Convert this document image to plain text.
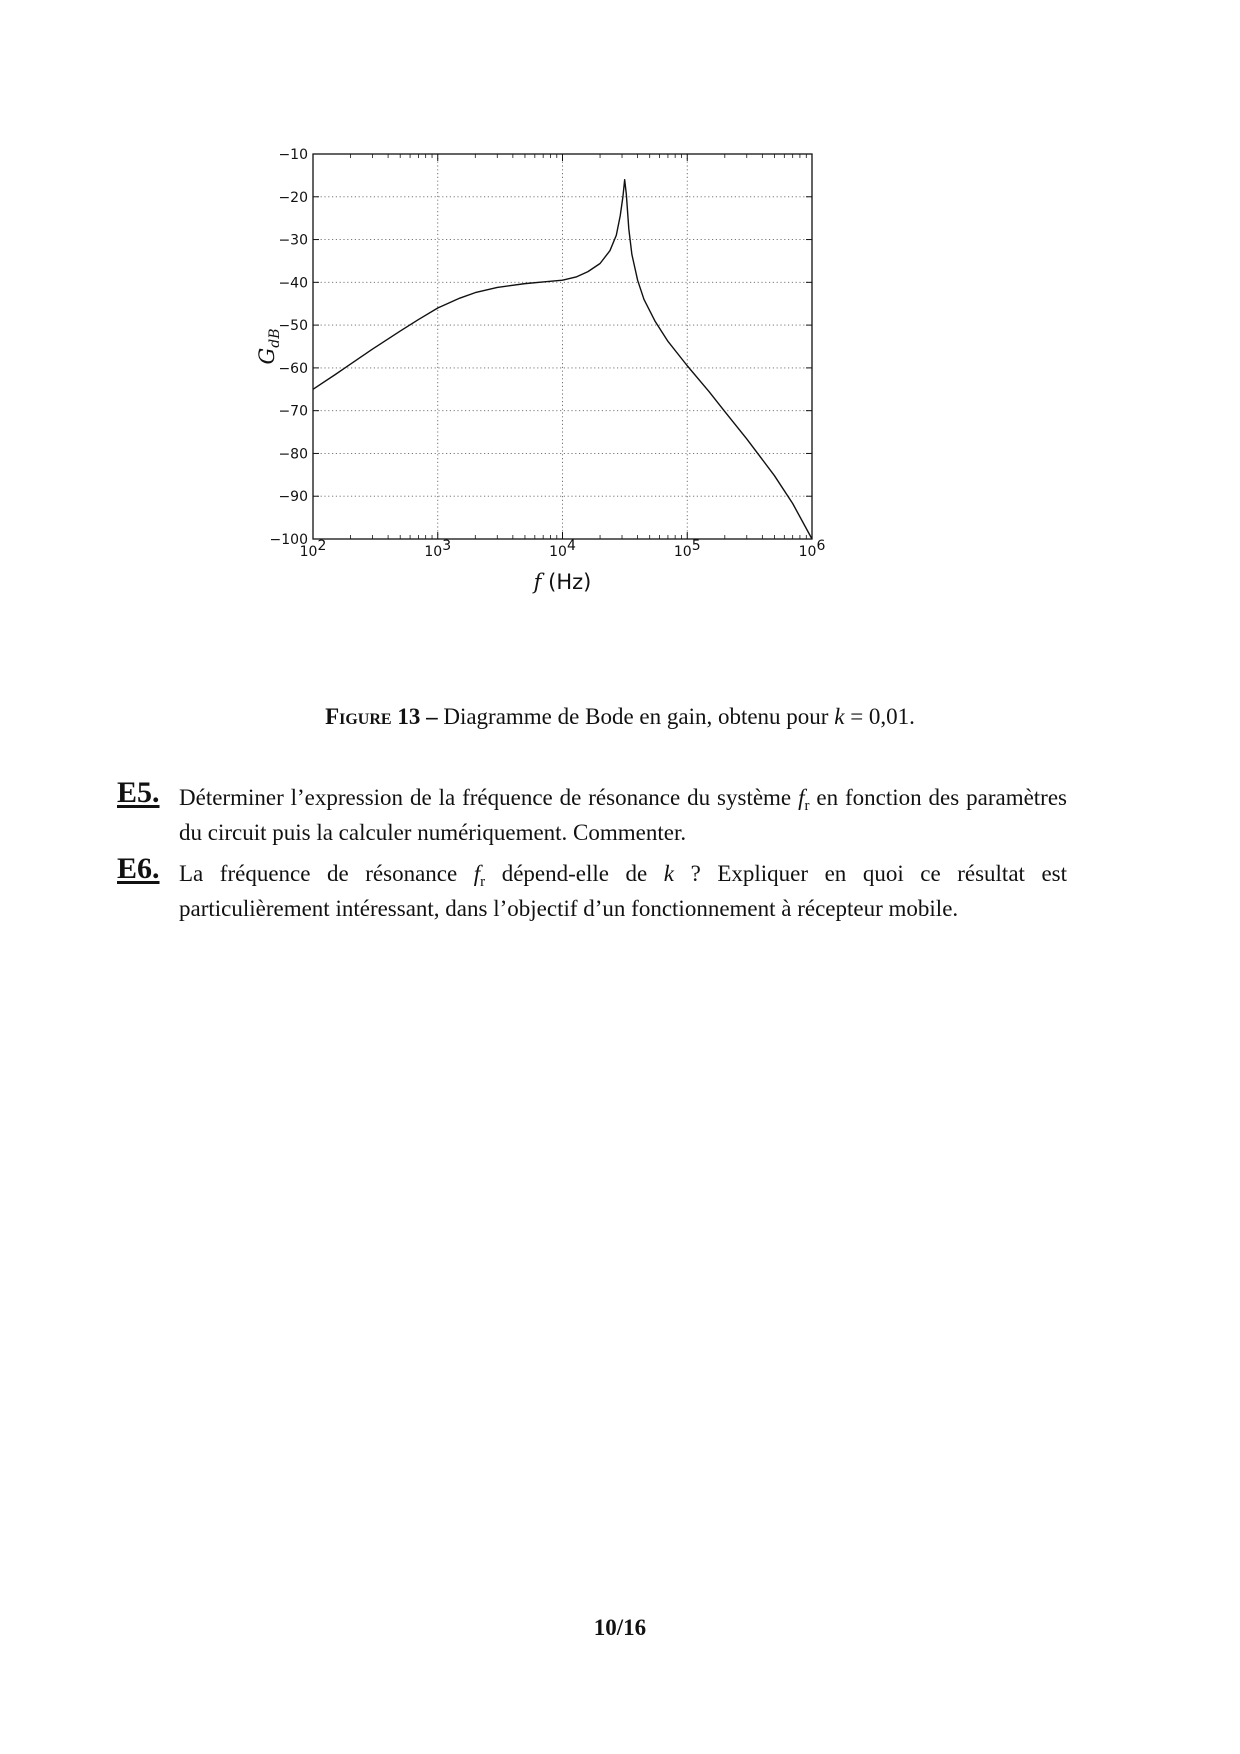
−10
−20
−30
−40
−50
−60
−70
−80
−90
−100
102	103	104	105	106
f (Hz)
$G_{dB}$
Figure 13 – Diagramme de Bode en gain, obtenu pour k = 0,01.
E5. Déterminer l’expression de la fréquence de résonance du système $f_r$ en fonction des paramètres du circuit puis la calculer numériquement. Commenter.
E6. La fréquence de résonance $f_r$ dépend-elle de k ? Expliquer en quoi ce résultat est particulièrement intéressant, dans l’objectif d’un fonctionnement à récepteur mobile.
10/16
